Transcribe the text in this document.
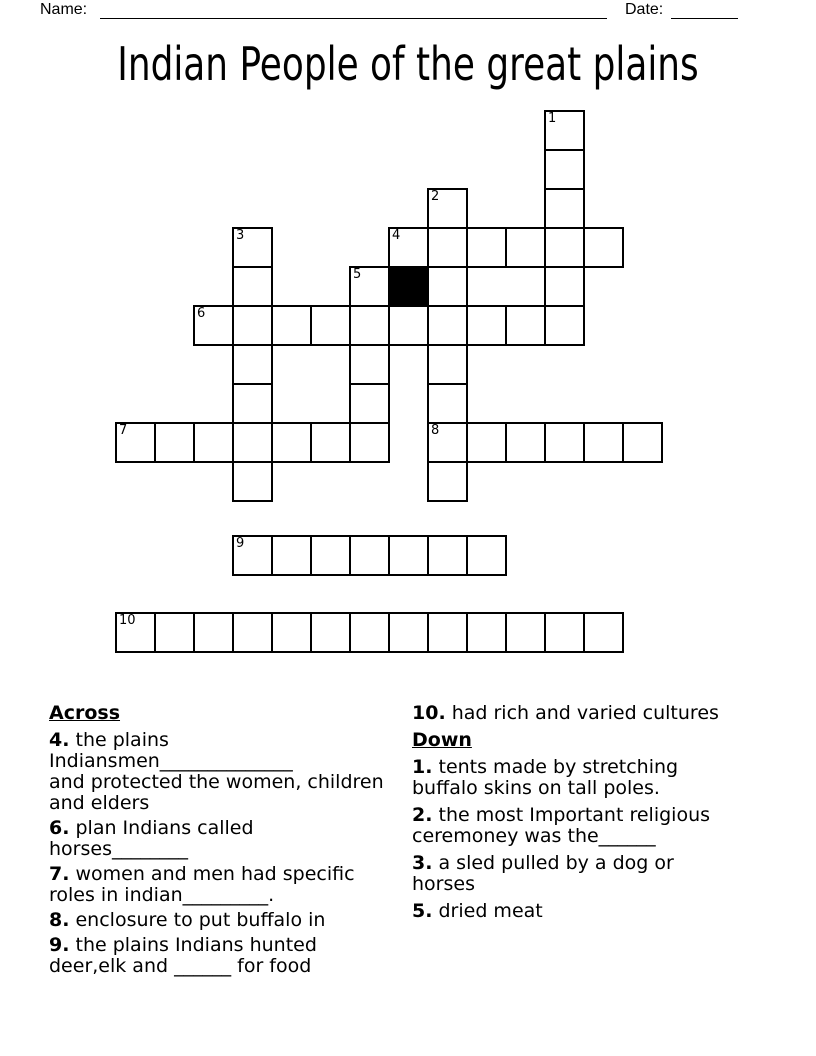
Name:	Date:
Indian People of the great plains
1
2
3	4
5
6
7	8
9
10
Across
4. the plains Indiansmen______________
and protected the women, children
and elders
6. plan Indians called
horses________
7. women and men had specific
roles in indian_________.
8. enclosure to put buffalo in
9. the plains Indians hunted
deer,elk and ______ for food
10. had rich and varied cultures
Down
1. tents made by stretching
buffalo skins on tall poles.
2. the most Important religious
ceremoney was the______
3. a sled pulled by a dog or
horses
5. dried meat
